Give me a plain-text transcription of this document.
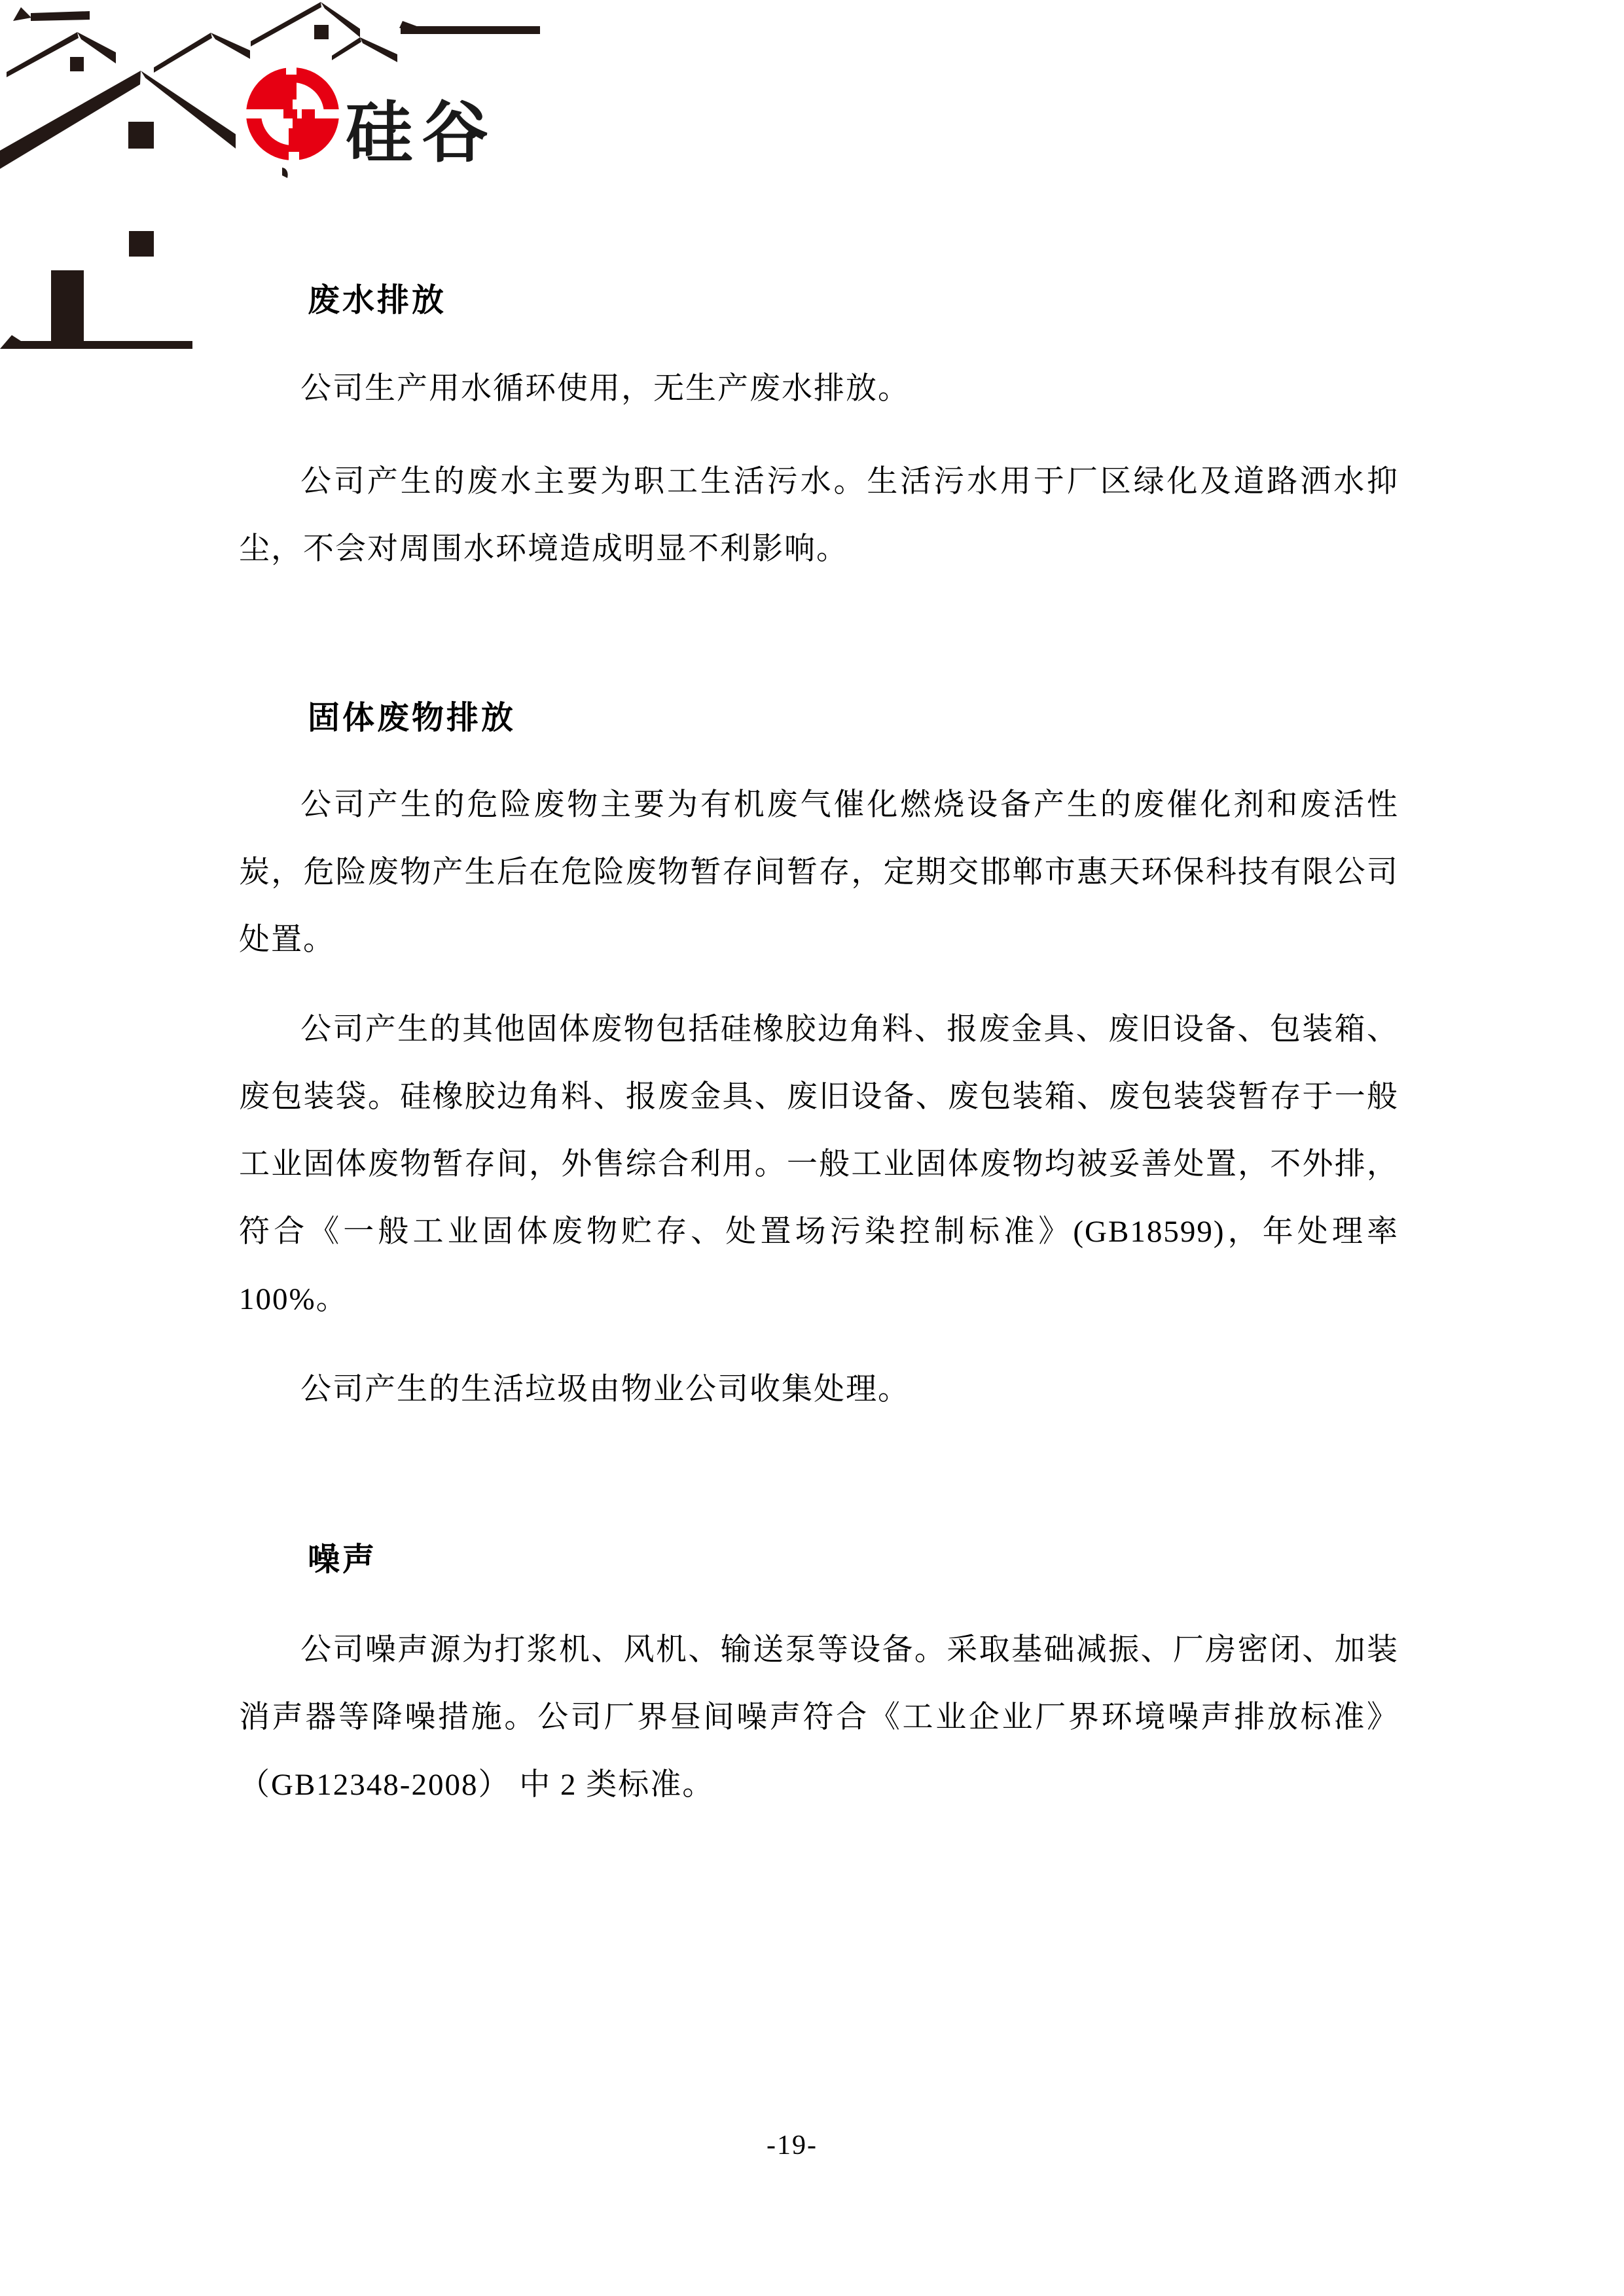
硅谷
废水排放

公司生产用水循环使用，无生产废水排放。

公司产生的废水主要为职工生活污水。生活污水用于厂区绿化及道路洒水抑尘，不会对周围水环境造成明显不利影响。

固体废物排放

公司产生的危险废物主要为有机废气催化燃烧设备产生的废催化剂和废活性炭，危险废物产生后在危险废物暂存间暂存，定期交邯郸市惠天环保科技有限公司处置。

公司产生的其他固体废物包括硅橡胶边角料、报废金具、废旧设备、包装箱、废包装袋。硅橡胶边角料、报废金具、废旧设备、废包装箱、废包装袋暂存于一般工业固体废物暂存间，外售综合利用。一般工业固体废物均被妥善处置，不外排，符合《一般工业固体废物贮存、处置场污染控制标准》(GB18599)，年处理率100%。

公司产生的生活垃圾由物业公司收集处理。

噪声

公司噪声源为打浆机、风机、输送泵等设备。采取基础减振、厂房密闭、加装消声器等降噪措施。公司厂界昼间噪声符合《工业企业厂界环境噪声排放标准》（GB12348-2008） 中 2 类标准。

-19-
